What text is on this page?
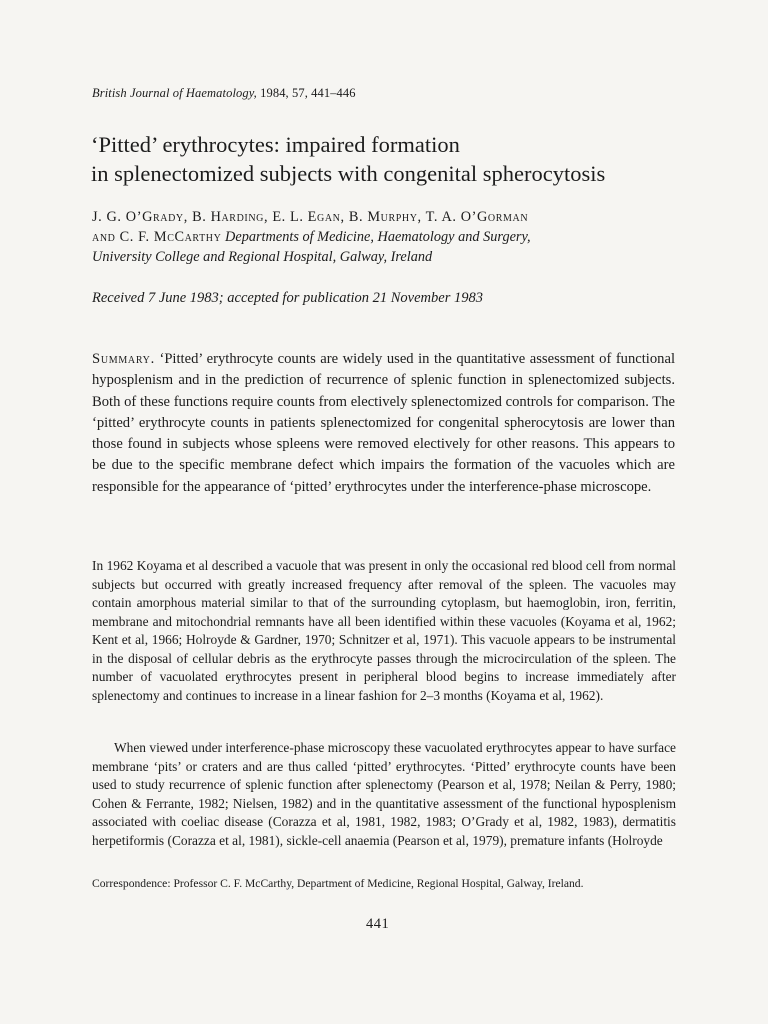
British Journal of Haematology, 1984, 57, 441–446
‘Pitted’ erythrocytes: impaired formation
in splenectomized subjects with congenital spherocytosis
J. G. O’Grady, B. Harding, E. L. Egan, B. Murphy, T. A. O’Gorman
and C. F. McCarthy Departments of Medicine, Haematology and Surgery,
University College and Regional Hospital, Galway, Ireland
Received 7 June 1983; accepted for publication 21 November 1983

Summary. ‘Pitted’ erythrocyte counts are widely used in the quantitative assessment of functional hyposplenism and in the prediction of recurrence of splenic function in splenectomized subjects. Both of these functions require counts from electively splenectomized controls for comparison. The ‘pitted’ erythrocyte counts in patients splenectomized for congenital spherocytosis are lower than those found in subjects whose spleens were removed electively for other reasons. This appears to be due to the specific membrane defect which impairs the formation of the vacuoles which are responsible for the appearance of ‘pitted’ erythrocytes under the interference-phase microscope.

In 1962 Koyama et al described a vacuole that was present in only the occasional red blood cell from normal subjects but occurred with greatly increased frequency after removal of the spleen. The vacuoles may contain amorphous material similar to that of the surrounding cytoplasm, but haemoglobin, iron, ferritin, membrane and mitochondrial remnants have all been identified within these vacuoles (Koyama et al, 1962; Kent et al, 1966; Holroyde & Gardner, 1970; Schnitzer et al, 1971). This vacuole appears to be instrumental in the disposal of cellular debris as the erythrocyte passes through the microcirculation of the spleen. The number of vacuolated erythrocytes present in peripheral blood begins to increase immediately after splenectomy and continues to increase in a linear fashion for 2–3 months (Koyama et al, 1962).

When viewed under interference-phase microscopy these vacuolated erythrocytes appear to have surface membrane ‘pits’ or craters and are thus called ‘pitted’ erythrocytes. ‘Pitted’ erythrocyte counts have been used to study recurrence of splenic function after splenectomy (Pearson et al, 1978; Neilan & Perry, 1980; Cohen & Ferrante, 1982; Nielsen, 1982) and in the quantitative assessment of the functional hyposplenism associated with coeliac disease (Corazza et al, 1981, 1982, 1983; O’Grady et al, 1982, 1983), dermatitis herpetiformis (Corazza et al, 1981), sickle-cell anaemia (Pearson et al, 1979), premature infants (Holroyde

Correspondence: Professor C. F. McCarthy, Department of Medicine, Regional Hospital, Galway, Ireland.

441
